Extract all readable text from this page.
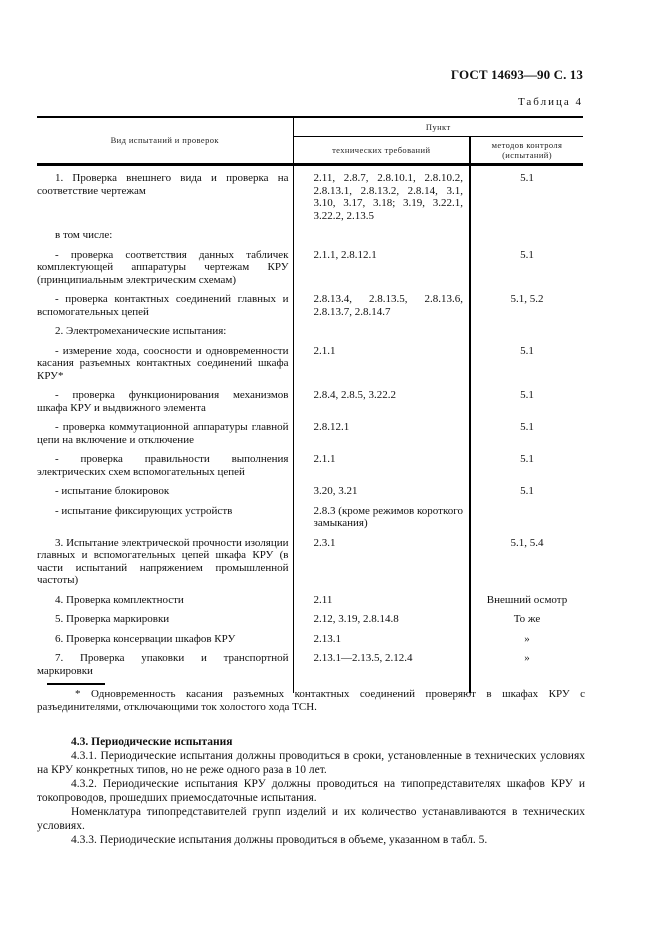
ГОСТ 14693—90 С. 13
Таблица 4
Вид испытаний и проверок	Пункт	
	технических требований	методов контроля (испытаний)

1. Проверка внешнего вида и проверка на соответствие чертежам	2.11, 2.8.7, 2.8.10.1, 2.8.10.2, 2.8.13.1, 2.8.13.2, 2.8.14, 3.1, 3.10, 3.17, 3.18; 3.19, 3.22.1, 3.22.2, 2.13.5	5.1

в том числе:		

- проверка соответствия данных табличек комплектующей аппаратуры чертежам КРУ (принципиальным электрическим схемам)	2.1.1, 2.8.12.1	5.1

- проверка контактных соединений главных и вспомогательных цепей	2.8.13.4, 2.8.13.5, 2.8.13.6, 2.8.13.7, 2.8.14.7	5.1, 5.2

2. Электромеханические испытания:		

- измерение хода, соосности и одновременности касания разъемных контактных соединений шкафа КРУ*	2.1.1	5.1

- проверка функционирования механизмов шкафа КРУ и выдвижного элемента	2.8.4, 2.8.5, 3.22.2	5.1

- проверка коммутационной аппаратуры главной цепи на включение и отключение	2.8.12.1	5.1

- проверка правильности выполнения электрических схем вспомогательных цепей	2.1.1	5.1

- испытание блокировок	3.20, 3.21	5.1

- испытание фиксирующих устройств	2.8.3 (кроме режимов короткого замыкания)	

3. Испытание электрической прочности изоляции главных и вспомогательных цепей шкафа КРУ (в части испытаний напряжением промышленной частоты)	2.3.1	5.1, 5.4

4. Проверка комплектности	2.11	Внешний осмотр

5. Проверка маркировки	2.12, 3.19, 2.8.14.8	То же

6. Проверка консервации шкафов КРУ	2.13.1	»

7. Проверка упаковки и транспортной маркировки	2.13.1—2.13.5, 2.12.4	»
* Одновременность касания разъемных контактных соединений проверяют в шкафах КРУ с разъединителями, отключающими ток холостого хода ТСН.
4.3. Периодические испытания

4.3.1. Периодические испытания должны проводиться в сроки, установленные в технических условиях на КРУ конкретных типов, но не реже одного раза в 10 лет.

4.3.2. Периодические испытания КРУ должны проводиться на типопредставителях шкафов КРУ и токопроводов, прошедших приемосдаточные испытания.

Номенклатура типопредставителей групп изделий и их количество устанавливаются в технических условиях.

4.3.3. Периодические испытания должны проводиться в объеме, указанном в табл. 5.
